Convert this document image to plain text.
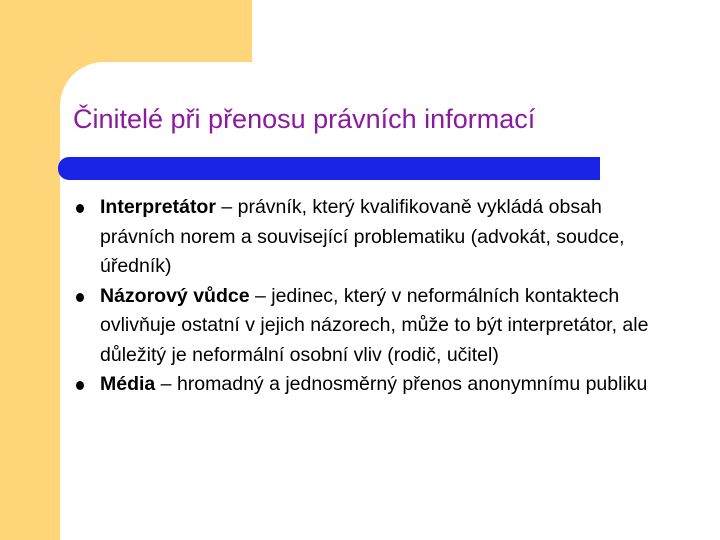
Činitelé při přenosu právních informací
Interpretátor – právník, který kvalifikovaně vykládá obsah právních norem a související problematiku (advokát, soudce, úředník)
Názorový vůdce – jedinec, který v neformálních kontaktech ovlivňuje ostatní v jejich názorech, může to být interpretátor, ale důležitý je neformální osobní vliv (rodič, učitel)
Média – hromadný a jednosměrný přenos anonymnímu publiku
